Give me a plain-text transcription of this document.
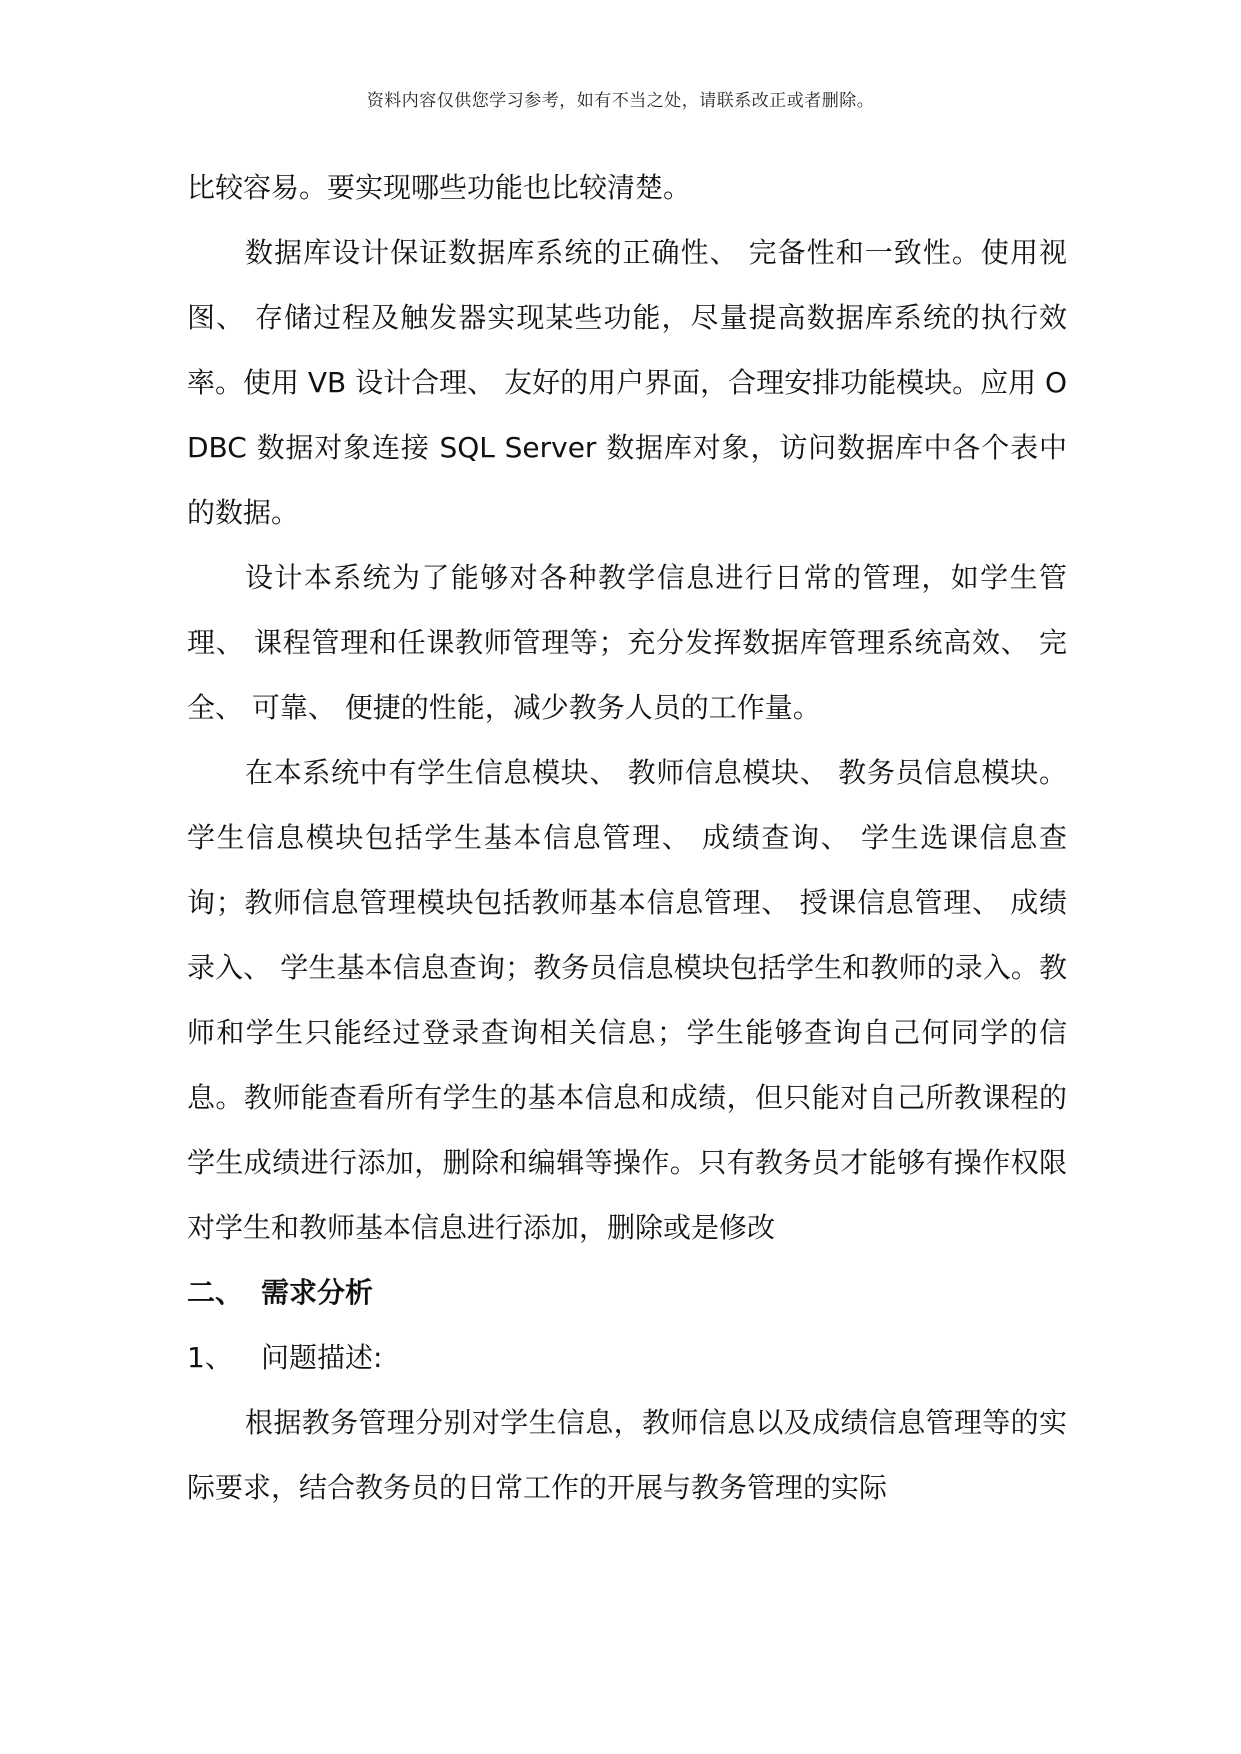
资料内容仅供您学习参考，如有不当之处，请联系改正或者删除。

比较容易。要实现哪些功能也比较清楚。

数据库设计保证数据库系统的正确性、 完备性和一致性。使用视图、 存储过程及触发器实现某些功能，尽量提高数据库系统的执行效率。使用 VB 设计合理、 友好的用户界面，合理安排功能模块。应用 ODBC 数据对象连接 SQL Server 数据库对象，访问数据库中各个表中的数据。

设计本系统为了能够对各种教学信息进行日常的管理，如学生管理、 课程管理和任课教师管理等；充分发挥数据库管理系统高效、 完全、 可靠、 便捷的性能，减少教务人员的工作量。

在本系统中有学生信息模块、 教师信息模块、 教务员信息模块。学生信息模块包括学生基本信息管理、 成绩查询、 学生选课信息查询；教师信息管理模块包括教师基本信息管理、 授课信息管理、 成绩录入、 学生基本信息查询；教务员信息模块包括学生和教师的录入。教师和学生只能经过登录查询相关信息；学生能够查询自己何同学的信息。教师能查看所有学生的基本信息和成绩，但只能对自己所教课程的学生成绩进行添加，删除和编辑等操作。只有教务员才能够有操作权限对学生和教师基本信息进行添加，删除或是修改

二、 需求分析

1、 问题描述:

根据教务管理分别对学生信息，教师信息以及成绩信息管理等的实际要求，结合教务员的日常工作的开展与教务管理的实际
